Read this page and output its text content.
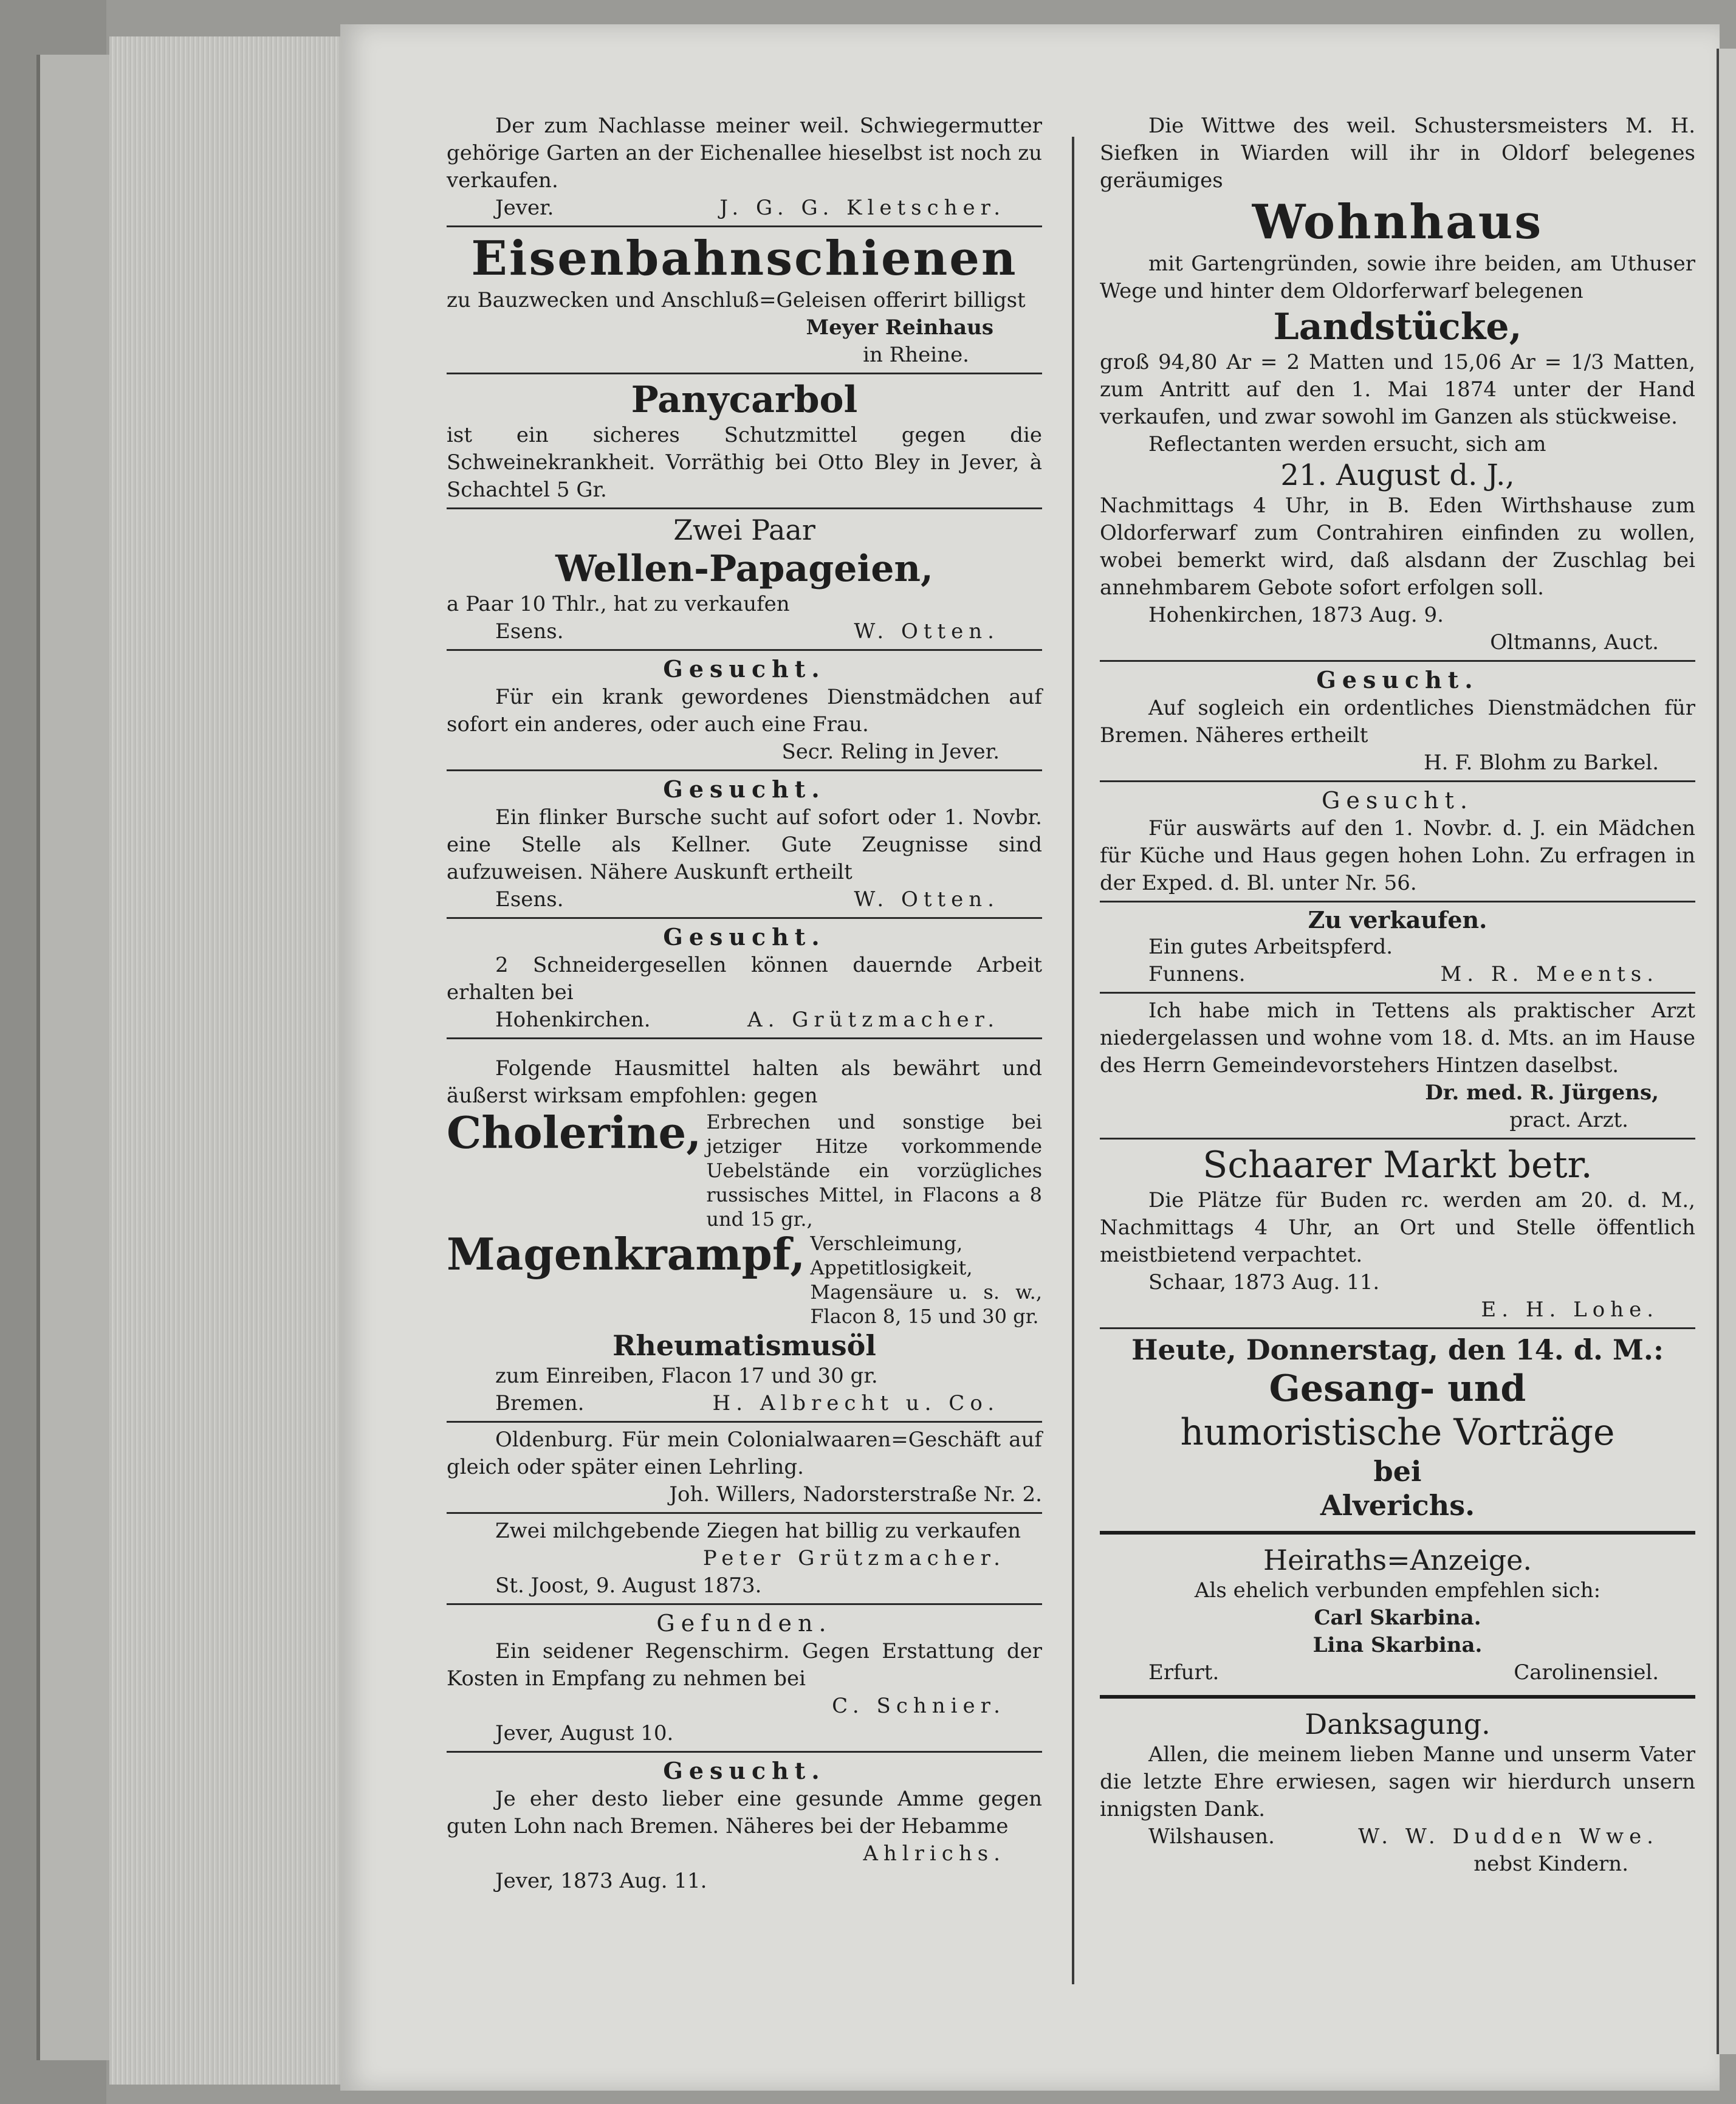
Der zum Nachlasse meiner weil. Schwiegermutter gehörige Garten an der Eichenallee hieselbst ist noch zu verkaufen.

Jever.	J. G. G. Kletscher.
Eisenbahnschienen

zu Bauzwecken und Anschluß=Geleisen offerirt billigst

Meyer Reinhaus
in Rheine.
Panycarbol

ist ein sicheres Schutzmittel gegen die Schweinekrankheit. Vorräthig bei Otto Bley in Jever, à Schachtel 5 Gr.

Zwei Paar
Wellen-Papageien,

a Paar 10 Thlr., hat zu verkaufen

Esens.	W. Otten.
Gesucht.

Für ein krank gewordenes Dienstmädchen auf sofort ein anderes, oder auch eine Frau.

Secr. Reling in Jever.
Gesucht.

Ein flinker Bursche sucht auf sofort oder 1. Novbr. eine Stelle als Kellner. Gute Zeugnisse sind aufzuweisen. Nähere Auskunft ertheilt

Esens.	W. Otten.
Gesucht.

2 Schneidergesellen können dauernde Arbeit erhalten bei

Hohenkirchen.	A. Grützmacher.

Folgende Hausmittel halten als bewährt und äußerst wirksam empfohlen: gegen

Cholerine, Erbrechen und sonstige bei jetziger Hitze vorkommende Uebelstände ein vorzügliches russisches Mittel, in Flacons a 8 und 15 gr.,
Magenkrampf, Verschleimung, Appetitlosigkeit, Magensäure u. s. w., Flacon 8, 15 und 30 gr.
Rheumatismusöl

zum Einreiben, Flacon 17 und 30 gr.

Bremen.	H. Albrecht u. Co.

Oldenburg. Für mein Colonialwaaren=Geschäft auf gleich oder später einen Lehrling.

Joh. Willers, Nadorsterstraße Nr. 2.

Zwei milchgebende Ziegen hat billig zu verkaufen

Peter Grützmacher.
St. Joost, 9. August 1873.
Gefunden.

Ein seidener Regenschirm. Gegen Erstattung der Kosten in Empfang zu nehmen bei

C. Schnier.
Jever, August 10.
Gesucht.

Je eher desto lieber eine gesunde Amme gegen guten Lohn nach Bremen. Näheres bei der Hebamme

Ahlrichs.
Jever, 1873 Aug. 11.

Die Wittwe des weil. Schustersmeisters M. H. Siefken in Wiarden will ihr in Oldorf belegenes geräumiges

Wohnhaus

mit Gartengründen, sowie ihre beiden, am Uthuser Wege und hinter dem Oldorferwarf belegenen

Landstücke,

groß 94,80 Ar = 2 Matten und 15,06 Ar = 1/3 Matten, zum Antritt auf den 1. Mai 1874 unter der Hand verkaufen, und zwar sowohl im Ganzen als stückweise.

Reflectanten werden ersucht, sich am

21. August d. J.,

Nachmittags 4 Uhr, in B. Eden Wirthshause zum Oldorferwarf zum Contrahiren einfinden zu wollen, wobei bemerkt wird, daß alsdann der Zuschlag bei annehmbarem Gebote sofort erfolgen soll.

Hohenkirchen, 1873 Aug. 9.
Oltmanns, Auct.
Gesucht.

Auf sogleich ein ordentliches Dienstmädchen für Bremen. Näheres ertheilt

H. F. Blohm zu Barkel.
Gesucht.

Für auswärts auf den 1. Novbr. d. J. ein Mädchen für Küche und Haus gegen hohen Lohn. Zu erfragen in der Exped. d. Bl. unter Nr. 56.

Zu verkaufen.

Ein gutes Arbeitspferd.

Funnens.	M. R. Meents.

Ich habe mich in Tettens als praktischer Arzt niedergelassen und wohne vom 18. d. Mts. an im Hause des Herrn Gemeindevorstehers Hintzen daselbst.

Dr. med. R. Jürgens,
pract. Arzt.
Schaarer Markt betr.

Die Plätze für Buden rc. werden am 20. d. M., Nachmittags 4 Uhr, an Ort und Stelle öffentlich meistbietend verpachtet.

Schaar, 1873 Aug. 11.
E. H. Lohe.
Heute, Donnerstag, den 14. d. M.:
Gesang- und
humoristische Vorträge
bei
Alverichs.
Heiraths=Anzeige.
Als ehelich verbunden empfehlen sich:
Carl Skarbina.
Lina Skarbina.
Erfurt.	Carolinensiel.
Danksagung.

Allen, die meinem lieben Manne und unserm Vater die letzte Ehre erwiesen, sagen wir hierdurch unsern innigsten Dank.

Wilshausen.	W. W. Dudden Wwe.
nebst Kindern.
